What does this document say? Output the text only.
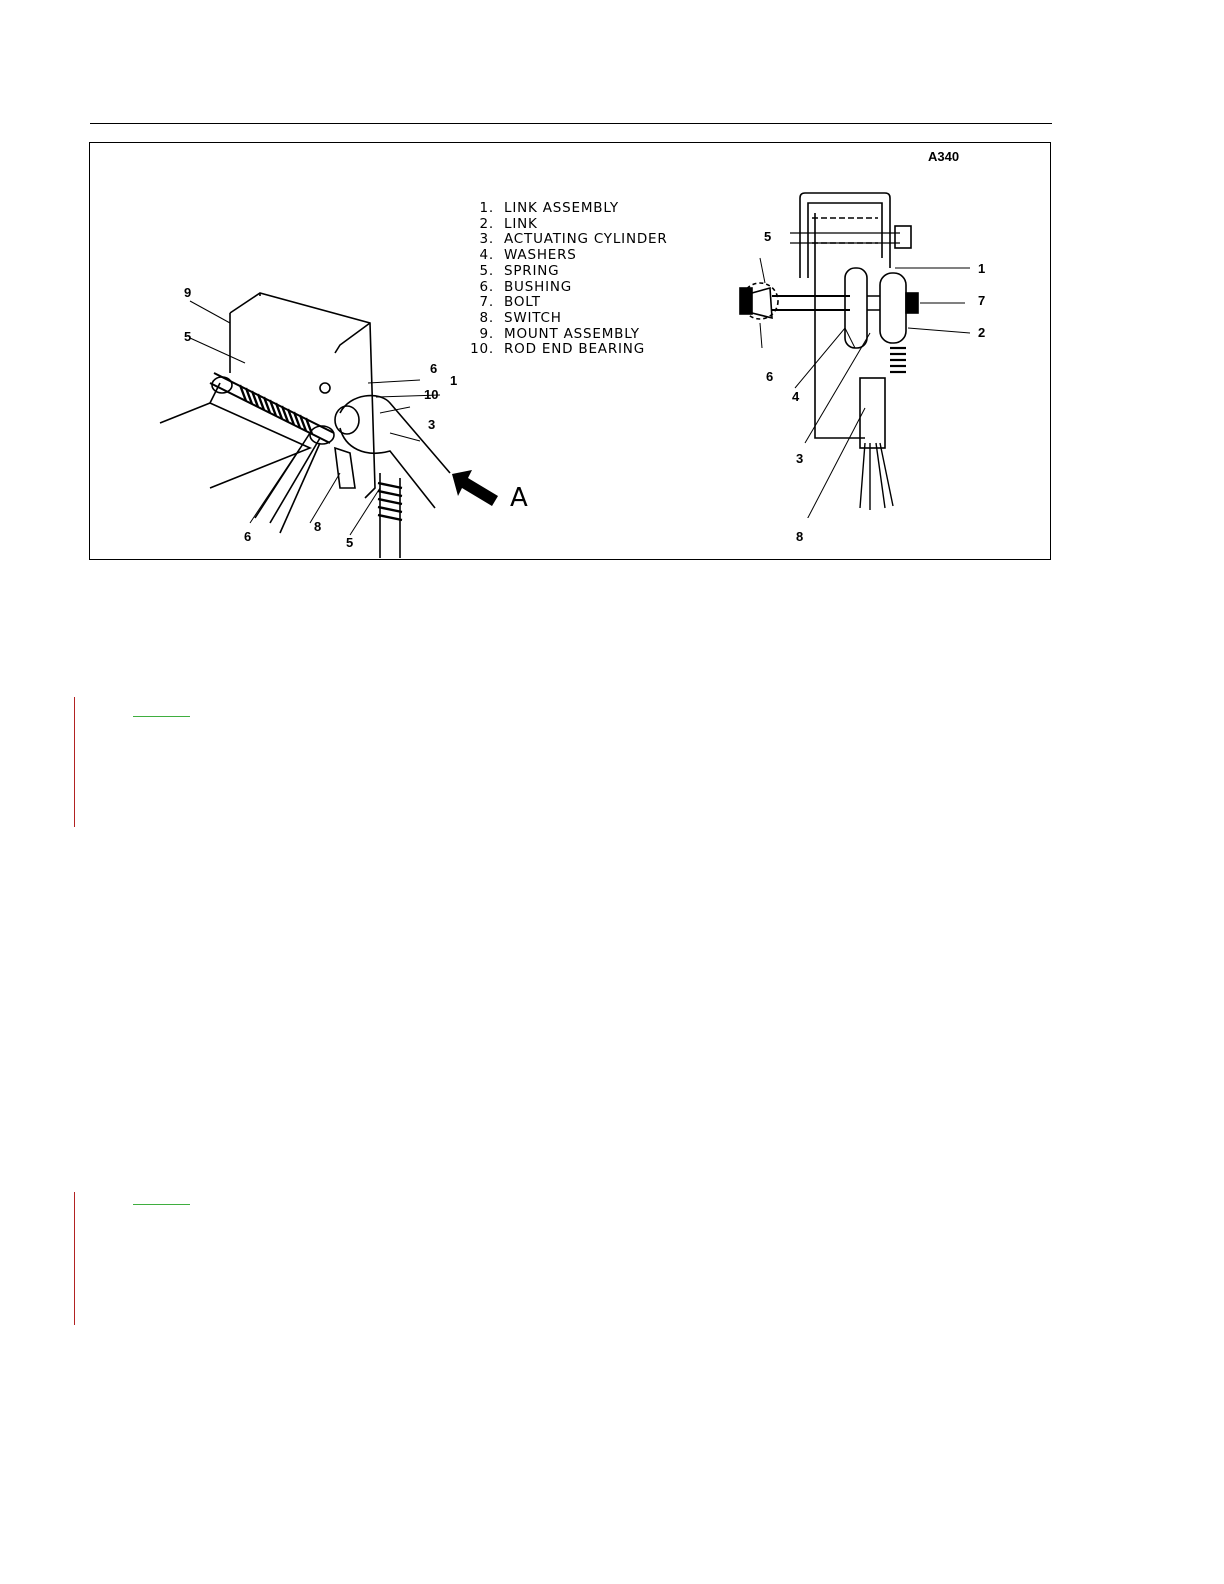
A340
1. LINK ASSEMBLY
2. LINK
3. ACTUATING CYLINDER
4. WASHERS
5. SPRING
6. BUSHING
7. BOLT
8. SWITCH
9. MOUNT ASSEMBLY
10. ROD END BEARING
9
5
6
1
10
3
6
8
5
A
5
1
7
2
6
4
3
8
